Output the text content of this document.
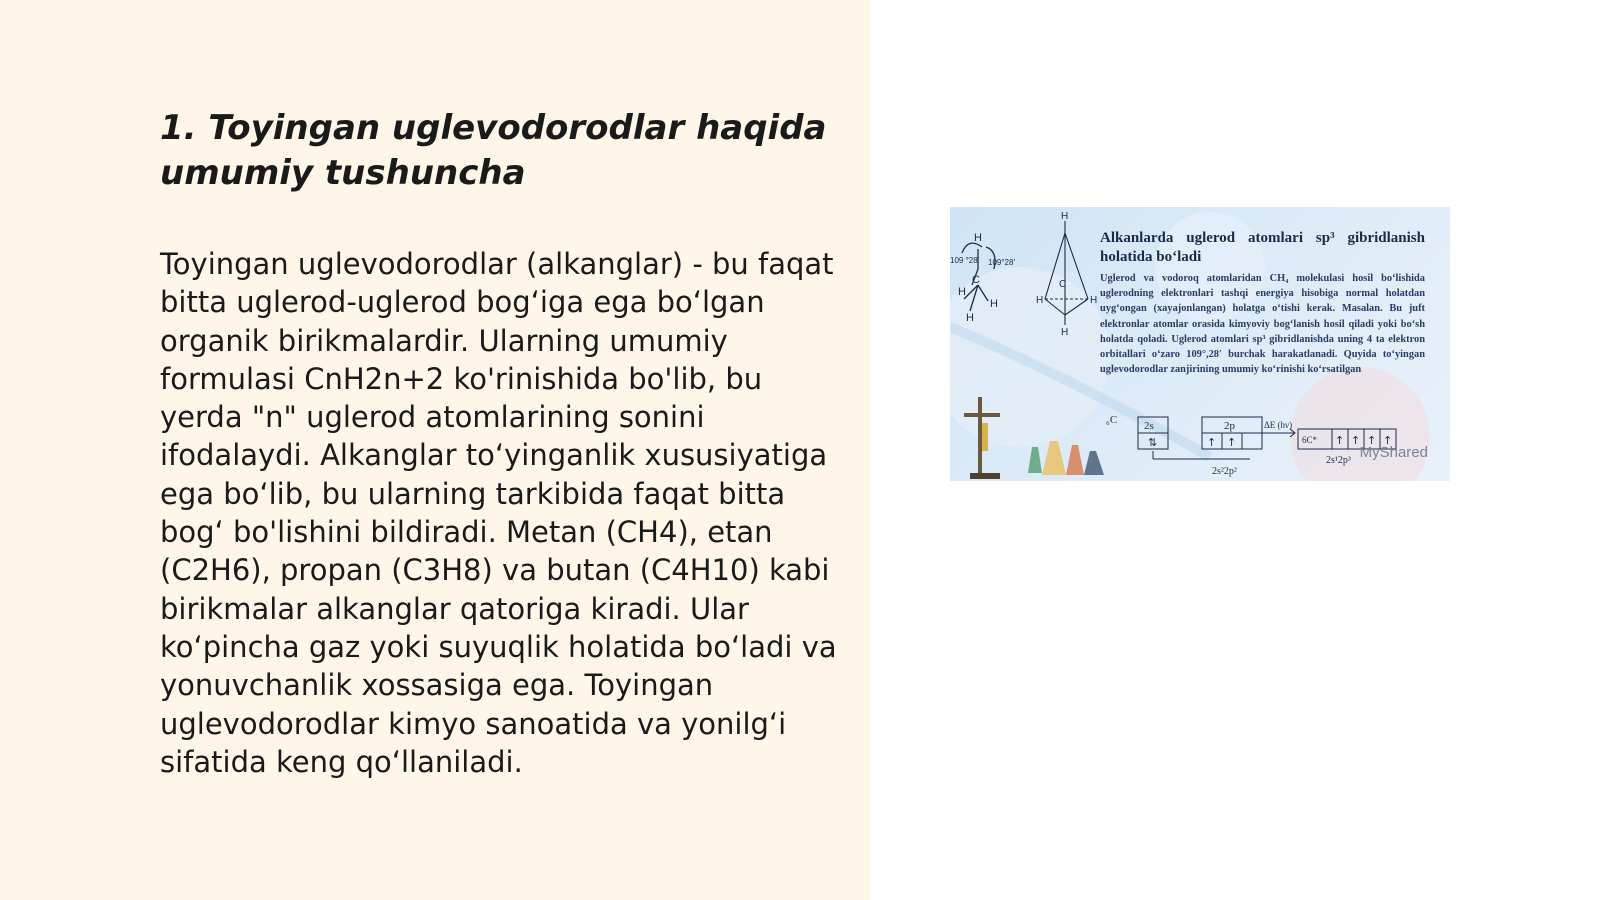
1. Toyingan uglevodorodlar haqida umumiy tushuncha

Toyingan uglevodorodlar (alkanglar) - bu faqat bitta uglerod-uglerod bog‘iga ega bo‘lgan organik birikmalardir. Ularning umumiy formulasi CnH2n+2 ko'rinishida bo'lib, bu yerda "n" uglerod atomlarining sonini ifodalaydi. Alkanglar to‘yinganlik xususiyatiga ega bo‘lib, bu ularning tarkibida faqat bitta bog‘ bo'lishini bildiradi. Metan (CH4), etan (C2H6), propan (C3H8) va butan (C4H10) kabi birikmalar alkanglar qatoriga kiradi. Ular ko‘pincha gaz yoki suyuqlik holatida bo‘ladi va yonuvchanlik xossasiga ega. Toyingan uglevodorodlar kimyo sanoatida va yonilg‘i sifatida keng qo‘llaniladi.

H
C
H
H
H
109 °28′ 109°28′
H
C
H	H
H
₆C 2s	2p	ΔE (hν)
6C*
2s²2p²
2s¹2p³
⇅	↑ ↑	↑ ↑ ↑ ↑
Alkanlarda uglerod atomlari sp³ gibridlanish holatida bo‘ladi
Uglerod va vodoroq atomlaridan CH₄ molekulasi hosil bo‘lishida uglerodning elektronlari tashqi energiya hisobiga normal holatdan uyg‘ongan (xayajonlangan) holatga o‘tishi kerak. Masalan. Bu juft elektronlar atomlar orasida kimyoviy bog‘lanish hosil qiladi yoki bo‘sh holatda qoladi. Uglerod atomlari sp³ gibridlanishda uning 4 ta elektron orbitallari o‘zaro 109°,28′ burchak harakatlanadi. Quyida to‘yingan uglevodorodlar zanjirining umumiy ko‘rinishi ko‘rsatilgan
MyShared
